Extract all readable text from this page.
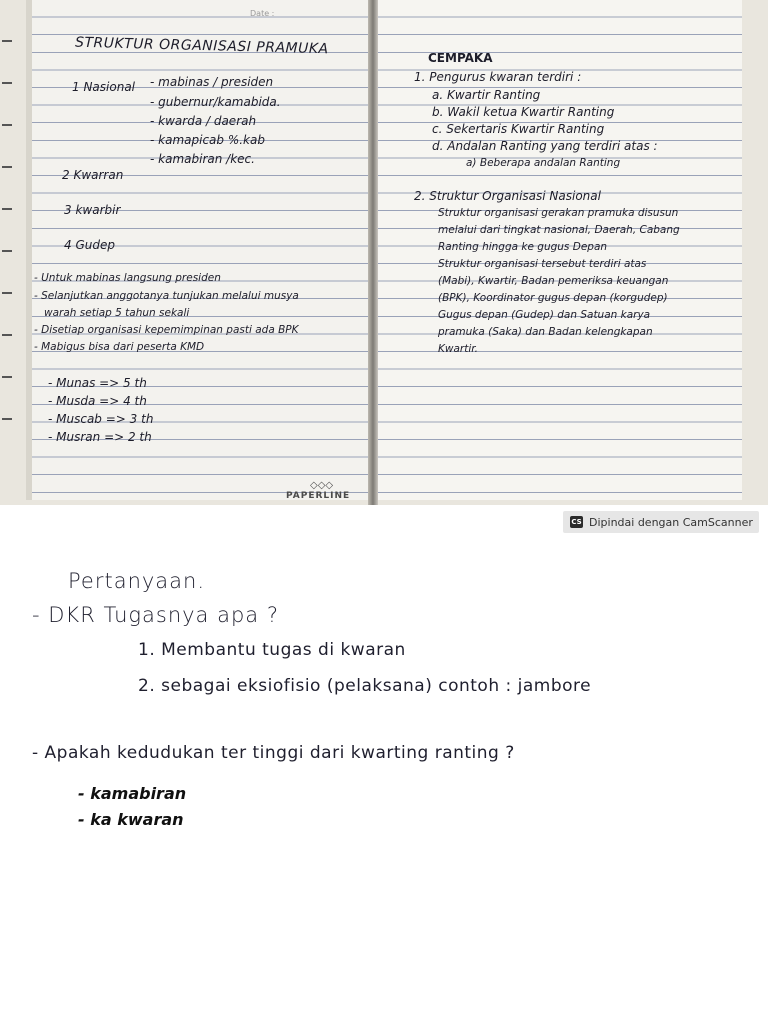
Date :
STRUKTUR ORGANISASI PRAMUKA
1 Nasional - mabinas / presiden
- gubernur/kamabida.
- kwarda / daerah
- kamapicab %.kab
- kamabiran /kec.
2 Kwarran
3 kwarbir
4 Gudep
- Untuk mabinas langsung presiden
- Selanjutkan anggotanya tunjukan melalui musya
warah setiap 5 tahun sekali
- Disetiap organisasi kepemimpinan pasti ada BPK
- Mabigus bisa dari peserta KMD
- Munas => 5 th
- Musda => 4 th
- Muscab => 3 th
- Musran => 2 th
◇◇◇
PAPERLINE
CEMPAKA
1. Pengurus kwaran terdiri :
a. Kwartir Ranting
b. Wakil ketua Kwartir Ranting
c. Sekertaris Kwartir Ranting
d. Andalan Ranting yang terdiri atas :
a) Beberapa andalan Ranting
2. Struktur Organisasi Nasional
Struktur organisasi gerakan pramuka disusun
melalui dari tingkat nasional, Daerah, Cabang
Ranting hingga ke gugus Depan
Struktur organisasi tersebut terdiri atas
(Mabi), Kwartir, Badan pemeriksa keuangan
(BPK), Koordinator gugus depan (korgudep)
Gugus depan (Gudep) dan Satuan karya
pramuka (Saka) dan Badan kelengkapan
Kwartir.
CS Dipindai dengan CamScanner
Pertanyaan.
- DKR Tugasnya apa ?
1. Membantu tugas di kwaran
2. sebagai eksiofisio (pelaksana) contoh : jambore
- Apakah kedudukan ter tinggi dari kwarting ranting ?
- kamabiran
- ka kwaran
